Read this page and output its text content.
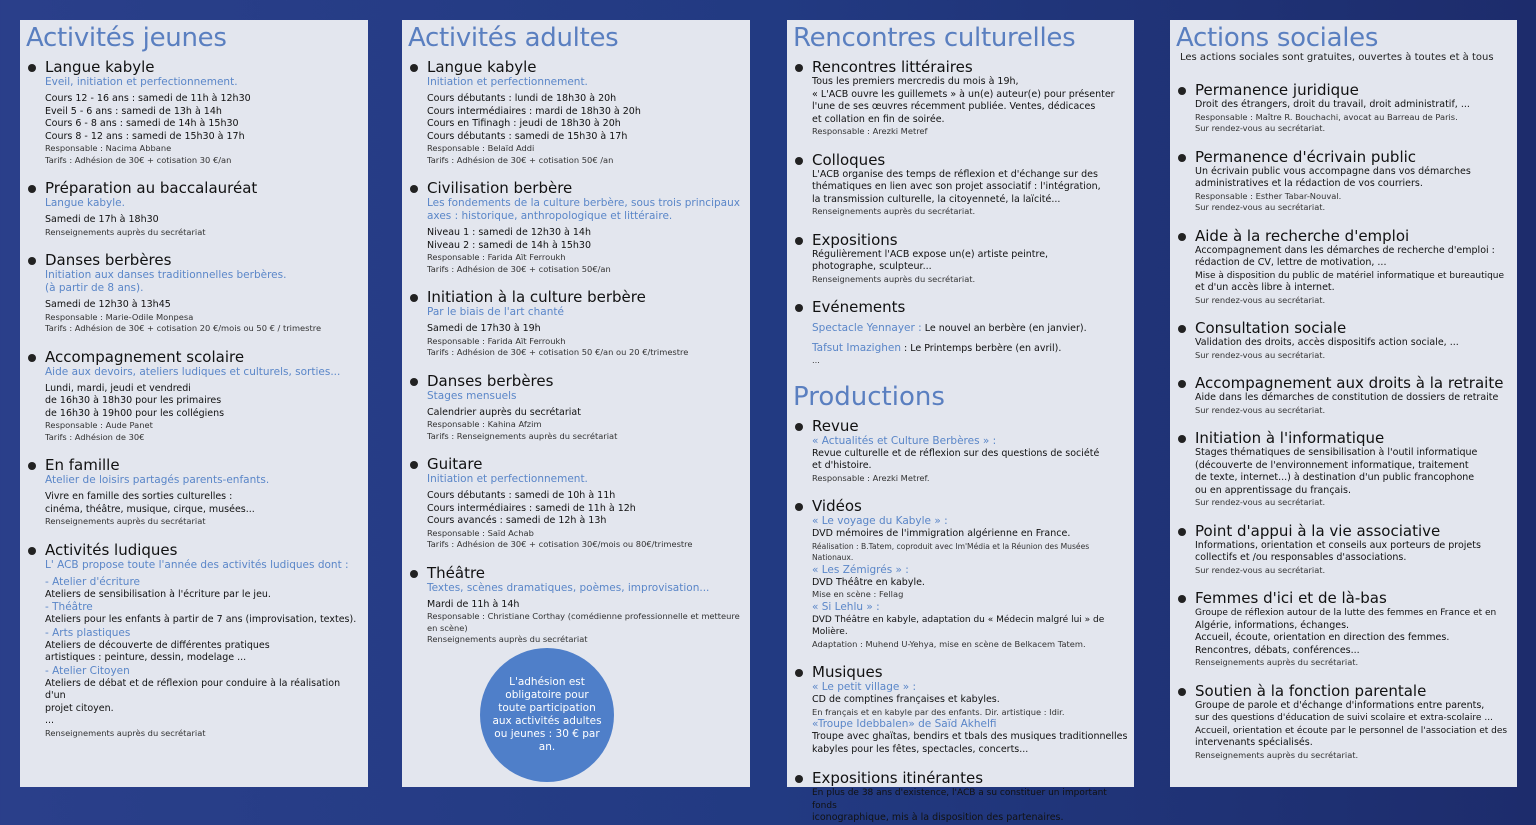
Activités jeunes
Langue kabyle
Eveil, initiation et perfectionnement.
Cours 12 - 16 ans : samedi de 11h à 12h30
Eveil 5 - 6 ans : samedi de 13h à 14h
Cours 6 - 8 ans : samedi de 14h à 15h30
Cours 8 - 12 ans : samedi de 15h30 à 17h
Responsable : Nacima Abbane
Tarifs : Adhésion de 30€ + cotisation 30 €/an
Préparation au baccalauréat
Langue kabyle.
Samedi de 17h à 18h30
Renseignements auprès du secrétariat
Danses berbères
Initiation aux danses traditionnelles berbères.
(à partir de 8 ans).
Samedi de 12h30 à 13h45
Responsable : Marie-Odile Monpesa
Tarifs : Adhésion de 30€ + cotisation 20 €/mois ou 50 € / trimestre
Accompagnement scolaire
Aide aux devoirs, ateliers ludiques et culturels, sorties...
Lundi, mardi, jeudi et vendredi
de 16h30 à 18h30 pour les primaires
de 16h30 à 19h00 pour les collégiens
Responsable : Aude Panet
Tarifs : Adhésion de 30€
En famille
Atelier de loisirs partagés parents-enfants.
Vivre en famille des sorties culturelles :
cinéma, théâtre, musique, cirque, musées...
Renseignements auprès du secrétariat
Activités ludiques
L' ACB propose toute l'année des activités ludiques dont :
- Atelier d'écriture
Ateliers de sensibilisation à l'écriture par le jeu.
- Théâtre
Ateliers pour les enfants à partir de 7 ans (improvisation, textes).
- Arts plastiques
Ateliers de découverte de différentes pratiques
artistiques : peinture, dessin, modelage ...
- Atelier Citoyen
Ateliers de débat et de réflexion pour conduire à la réalisation d'un
projet citoyen.
...
Renseignements auprès du secrétariat
Activités adultes
Langue kabyle
Initiation et perfectionnement.
Cours débutants : lundi de 18h30 à 20h
Cours intermédiaires : mardi de 18h30 à 20h
Cours en Tifinagh : jeudi de 18h30 à 20h
Cours débutants : samedi de 15h30 à 17h
Responsable : Belaïd Addi
Tarifs : Adhésion de 30€ + cotisation 50€ /an
Civilisation berbère
Les fondements de la culture berbère, sous trois principaux
axes : historique, anthropologique et littéraire.
Niveau 1 : samedi de 12h30 à 14h
Niveau 2 : samedi de 14h à 15h30
Responsable : Farida Aït Ferroukh
Tarifs : Adhésion de 30€ + cotisation 50€/an
Initiation à la culture berbère
Par le biais de l'art chanté
Samedi de 17h30 à 19h
Responsable : Farida Aït Ferroukh
Tarifs : Adhésion de 30€ + cotisation 50 €/an ou 20 €/trimestre
Danses berbères
Stages mensuels
Calendrier auprès du secrétariat
Responsable : Kahina Afzim
Tarifs : Renseignements auprès du secrétariat
Guitare
Initiation et perfectionnement.
Cours débutants : samedi de 10h à 11h
Cours intermédiaires : samedi de 11h à 12h
Cours avancés : samedi de 12h à 13h
Responsable : Saïd Achab
Tarifs : Adhésion de 30€ + cotisation 30€/mois ou 80€/trimestre
Théâtre
Textes, scènes dramatiques, poèmes, improvisation...
Mardi de 11h à 14h
Responsable : Christiane Corthay (comédienne professionnelle et metteure
en scène)
Renseignements auprès du secrétariat
L'adhésion est obligatoire pour toute participation aux activités adultes ou jeunes : 30 € par an.
Rencontres culturelles
Rencontres littéraires
Tous les premiers mercredis du mois à 19h,
« L'ACB ouvre les guillemets » à un(e) auteur(e) pour présenter
l'une de ses œuvres récemment publiée. Ventes, dédicaces
et collation en fin de soirée.
Responsable : Arezki Metref
Colloques
L'ACB organise des temps de réflexion et d'échange sur des
thématiques en lien avec son projet associatif : l'intégration,
la transmission culturelle, la citoyenneté, la laïcité...
Renseignements auprès du secrétariat.
Expositions
Régulièrement l'ACB expose un(e) artiste peintre,
photographe, sculpteur...
Renseignements auprès du secrétariat.
Evénements
Spectacle Yennayer : Le nouvel an berbère (en janvier).
Tafsut Imazighen : Le Printemps berbère (en avril).
...
Productions
Revue
« Actualités et Culture Berbères » :
Revue culturelle et de réflexion sur des questions de société
et d'histoire.
Responsable : Arezki Metref.
Vidéos
« Le voyage du Kabyle » :
DVD mémoires de l'immigration algérienne en France.
Réalisation : B.Tatem, coproduit avec Im'Média et la Réunion des Musées Nationaux.
« Les Zémigrés » :
DVD Théâtre en kabyle.
Mise en scène : Fellag
« Si Lehlu » :
DVD Théâtre en kabyle, adaptation du « Médecin malgré lui » de Molière.
Adaptation : Muhend U-Yehya, mise en scène de Belkacem Tatem.
Musiques
« Le petit village » :
CD de comptines françaises et kabyles.
En français et en kabyle par des enfants. Dir. artistique : Idir.
«Troupe Idebbalen» de Saïd Akhelfi
Troupe avec ghaïtas, bendirs et tbals des musiques traditionnelles
kabyles pour les fêtes, spectacles, concerts...
Expositions itinérantes
En plus de 38 ans d'existence, l'ACB a su constituer un important fonds
iconographique, mis à la disposition des partenaires.
Actions sociales
Les actions sociales sont gratuites, ouvertes à toutes et à tous
Permanence juridique
Droit des étrangers, droit du travail, droit administratif, ...
Responsable : Maître R. Bouchachi, avocat au Barreau de Paris.
Sur rendez-vous au secrétariat.
Permanence d'écrivain public
Un écrivain public vous accompagne dans vos démarches
administratives et la rédaction de vos courriers.
Responsable : Esther Tabar-Nouval.
Sur rendez-vous au secrétariat.
Aide à la recherche d'emploi
Accompagnement dans les démarches de recherche d'emploi :
rédaction de CV, lettre de motivation, ...
Mise à disposition du public de matériel informatique et bureautique
et d'un accès libre à internet.
Sur rendez-vous au secrétariat.
Consultation sociale
Validation des droits, accès dispositifs action sociale, ...
Sur rendez-vous au secrétariat.
Accompagnement aux droits à la retraite
Aide dans les démarches de constitution de dossiers de retraite
Sur rendez-vous au secrétariat.
Initiation à l'informatique
Stages thématiques de sensibilisation à l'outil informatique
(découverte de l'environnement informatique, traitement
de texte, internet...) à destination d'un public francophone
ou en apprentissage du français.
Sur rendez-vous au secrétariat.
Point d'appui à la vie associative
Informations, orientation et conseils aux porteurs de projets
collectifs et /ou responsables d'associations.
Sur rendez-vous au secrétariat.
Femmes d'ici et de là-bas
Groupe de réflexion autour de la lutte des femmes en France et en
Algérie, informations, échanges.
Accueil, écoute, orientation en direction des femmes.
Rencontres, débats, conférences...
Renseignements auprès du secrétariat.
Soutien à la fonction parentale
Groupe de parole et d'échange d'informations entre parents,
sur des questions d'éducation de suivi scolaire et extra-scolaire ...
Accueil, orientation et écoute par le personnel de l'association et des
intervenants spécialisés.
Renseignements auprès du secrétariat.
